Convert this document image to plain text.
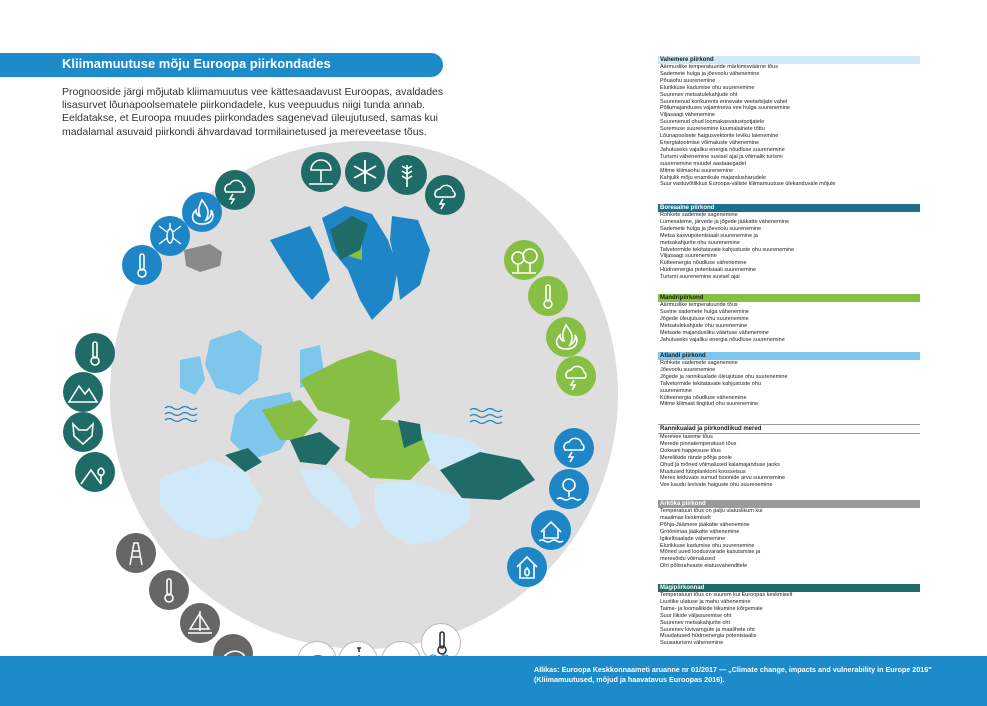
Kliimamuutuse mõju Euroopa piirkondades
Prognooside järgi mõjutab kliimamuutus vee kättesaadavust Euroopas, avaldades lisasurvet lõunapoolsematele piirkondadele, kus veepuudus niigi tunda annab. Eeldatakse, et Euroopa muudes piirkondades sagenevad üleujutused, samas kui madalamal asuvaid piirkondi ähvardavad tormilainetused ja mereveetase tõus.
Vahemere piirkond
Äärmuslike temperatuuride märkimisväärne tõus
Sademete hulga ja jõevoolu vähenemine
Põuaohu suurenemine
Elurikkuse kadumise ohu suurenemine
Suurenev metsatulekahjude oht
Suurenenud konkurents erinevate veetarbijate vahel
Põllumajanduses vajamineva vee hulga suurenemine
Viljasaagi vähenemine
Suurenenud ohud loomakasvatustootjatele
Suremuse suurenemine kuumalainete tõttu
Lõunapoolsete haigusvektorite leviku laienemine
Energiatootmise võimaluste vähenemine
Jahutuseks vajaliku energia nõudluse suurenemine
Turismi vähenemine suvisel ajal ja võimalik turismi
suurenemine muudel aastaaegadel
Mitme kliimaohu suurenemine
Kahjulik mõju enamikule majandusharudele
Suur vastuvõtlikkus Euroopa-väliste kliimamuutuse ülekanduvale mõjule
Boreaalne piirkond
Rohkete sademete sagenemine
Lumesateme, järvede ja jõgede jääkatte vähenemine
Sademete hulga ja jõevoolu suurenemine
Metsa kasvupotentsiaali suurenemine ja
metsakahjurite ohu suurenemine
Talvetormide tekitatavate kahjustuste ohu suurenemine
Viljasaagi suurenemine
Kütteenergia nõudluse vähenemine
Hüdroenergia potentsiaali suurenemine
Turismi suurenemine suvisel ajal
Mandripiirkond
Äärmuslike temperatuuride tõus
Suvine sademete hulga vähenemine
Jõgede üleujutuse ohu suurenemine
Metsatulekahjude ohu suurenemine
Metsade majandusliku väärtuse vähenemine
Jahutuseks vajaliku energia nõudluse suurenemine
Atlandi piirkond
Rohkete sademete sagenemine
Jõevoolu suurenemine
Jõgede ja rannikualade üleujutuse ohu suurenemine
Talvetormide tekitatavate kahjustuste ohu
suurenemine
Kütteenergia nõudluse vähenemine
Mitme kliimast tingitud ohu suurenemine
Rannikualad ja piirkondlikud mered
Merevee taseme tõus
Merede pinnatemperatuuri tõus
Ookeani happesuse tõus
Mereliikide rände põhja poole
Ohud ja mõned võimalused kalamajanduse jaoks
Muutused fütoplanktoni koosseisus
Meres leiduvate surnud tsoonide arvu suurenemine
Vee kaudu levivate haiguste ohu suurenemine
Arktika piirkond
Temperatuuri tõus on palju ulatuslikum kui
maailmas keskmiselt
Põhja-Jäämere jääkatte vähenemine
Gröönimaa jääkatte vähenemine
Igikeltsaalade vähenemine
Elurikkuse kadumise ohu suurenemine
Mõned uued loodusvarade kasutamise ja
meresõidu võimalused
Oht põlisrahvaste elatusvahenditele
Mägipiirkonnad
Temperatuuri tõus on suurem kui Euroopas keskmiselt
Liustike ulatuse ja mahu vähenemine
Taime- ja loomaliikide liikumine kõrgemale
Suur liikide väljasuremise oht
Suurenev metsakahjurite oht
Suurenev kivivarngute ja maalihete oht
Muudatused hüdroenergia potentsiaalis
Suusaturismi vähenemine
Allikas: Euroopa Keskkonnaameti aruanne nr 01/2017 — „Climate change, impacts and vulnerability in Europe 2016" (Kliimamuutused, mõjud ja haavatavus Euroopas 2016).
